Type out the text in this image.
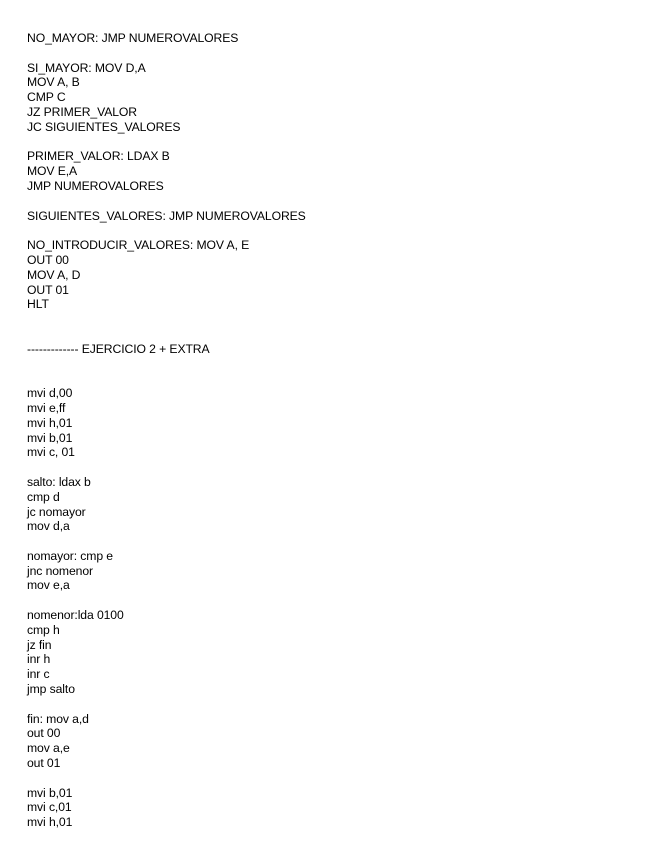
NO_MAYOR: JMP NUMEROVALORES
SI_MAYOR: MOV D,A
MOV A, B
CMP C
JZ PRIMER_VALOR
JC SIGUIENTES_VALORES
PRIMER_VALOR: LDAX B
MOV E,A
JMP NUMEROVALORES
SIGUIENTES_VALORES: JMP NUMEROVALORES
NO_INTRODUCIR_VALORES: MOV A, E
OUT 00
MOV A, D
OUT 01
HLT
------------- EJERCICIO 2 + EXTRA
mvi d,00
mvi e,ff
mvi h,01
mvi b,01
mvi c, 01
salto: ldax b
cmp d
jc nomayor
mov d,a
nomayor: cmp e
jnc nomenor
mov e,a
nomenor:lda 0100
cmp h
jz fin
inr h
inr c
jmp salto
fin: mov a,d
out 00
mov a,e
out 01
mvi b,01
mvi c,01
mvi h,01
